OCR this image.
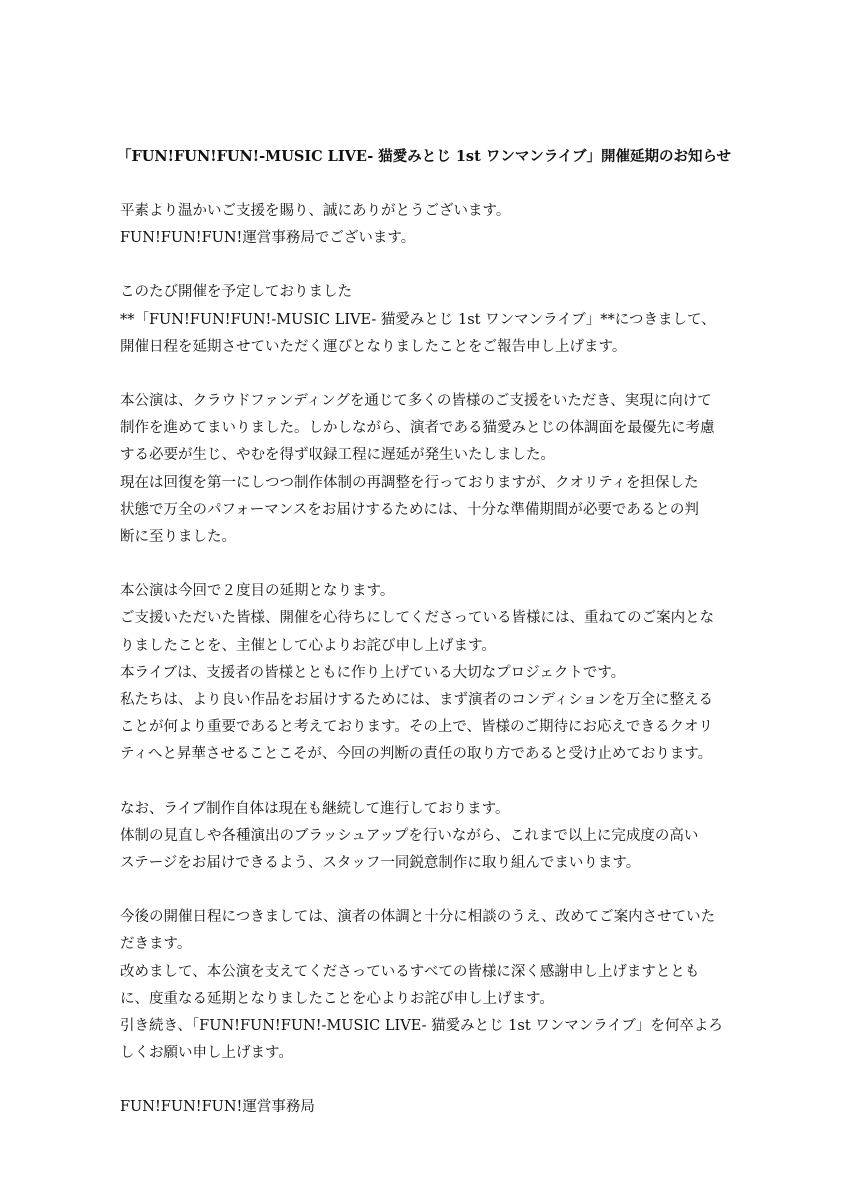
「FUN!FUN!FUN!-MUSIC LIVE- 猫愛みとじ 1st ワンマンライブ」開催延期のお知らせ
平素より温かいご支援を賜り、誠にありがとうございます。
FUN!FUN!FUN!運営事務局でございます。
このたび開催を予定しておりました
**「FUN!FUN!FUN!-MUSIC LIVE- 猫愛みとじ 1st ワンマンライブ」**につきまして、
開催日程を延期させていただく運びとなりましたことをご報告申し上げます。
本公演は、クラウドファンディングを通じて多くの皆様のご支援をいただき、実現に向けて
制作を進めてまいりました。しかしながら、演者である猫愛みとじの体調面を最優先に考慮
する必要が生じ、やむを得ず収録工程に遅延が発生いたしました。
現在は回復を第一にしつつ制作体制の再調整を行っておりますが、クオリティを担保した
状態で万全のパフォーマンスをお届けするためには、十分な準備期間が必要であるとの判
断に至りました。
本公演は今回で２度目の延期となります。
ご支援いただいた皆様、開催を心待ちにしてくださっている皆様には、重ねてのご案内とな
りましたことを、主催として心よりお詫び申し上げます。
本ライブは、支援者の皆様とともに作り上げている大切なプロジェクトです。
私たちは、より良い作品をお届けするためには、まず演者のコンディションを万全に整える
ことが何より重要であると考えております。その上で、皆様のご期待にお応えできるクオリ
ティへと昇華させることこそが、今回の判断の責任の取り方であると受け止めております。
なお、ライブ制作自体は現在も継続して進行しております。
体制の見直しや各種演出のブラッシュアップを行いながら、これまで以上に完成度の高い
ステージをお届けできるよう、スタッフ一同鋭意制作に取り組んでまいります。
今後の開催日程につきましては、演者の体調と十分に相談のうえ、改めてご案内させていた
だきます。
改めまして、本公演を支えてくださっているすべての皆様に深く感謝申し上げますととも
に、度重なる延期となりましたことを心よりお詫び申し上げます。
引き続き、「FUN!FUN!FUN!-MUSIC LIVE- 猫愛みとじ 1st ワンマンライブ」を何卒よろ
しくお願い申し上げます。
FUN!FUN!FUN!運営事務局
